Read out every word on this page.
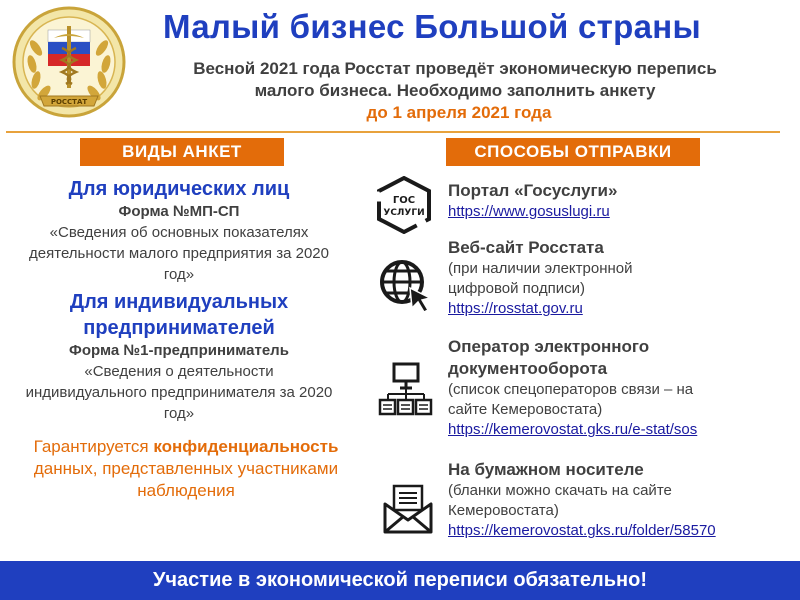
РОССТАТ
Малый бизнес Большой страны
Весной 2021 года Росстат проведёт экономическую перепись
малого бизнеса. Необходимо заполнить анкету
до 1 апреля 2021 года
ВИДЫ АНКЕТ	СПОСОБЫ ОТПРАВКИ
Для юридических лиц
Форма №МП-СП
«Сведения об основных показателях деятельности малого предприятия за 2020 год»
Для индивидуальных предпринимателей
Форма №1-предприниматель
«Сведения о деятельности индивидуального предпринимателя за 2020 год»
Гарантируется конфиденциальность данных, представленных участниками наблюдения
ГОС
УСЛУГИ
Портал «Госуслуги»
https://www.gosuslugi.ru
Веб-сайт Росстата
(при наличии электронной цифровой подписи)
https://rosstat.gov.ru
Оператор электронного документооборота
(список спецоператоров связи – на сайте Кемеровостата)
https://kemerovostat.gks.ru/e-stat/sos
На бумажном носителе
(бланки можно скачать на сайте Кемеровостата)
https://kemerovostat.gks.ru/folder/58570
Участие в экономической переписи обязательно!
